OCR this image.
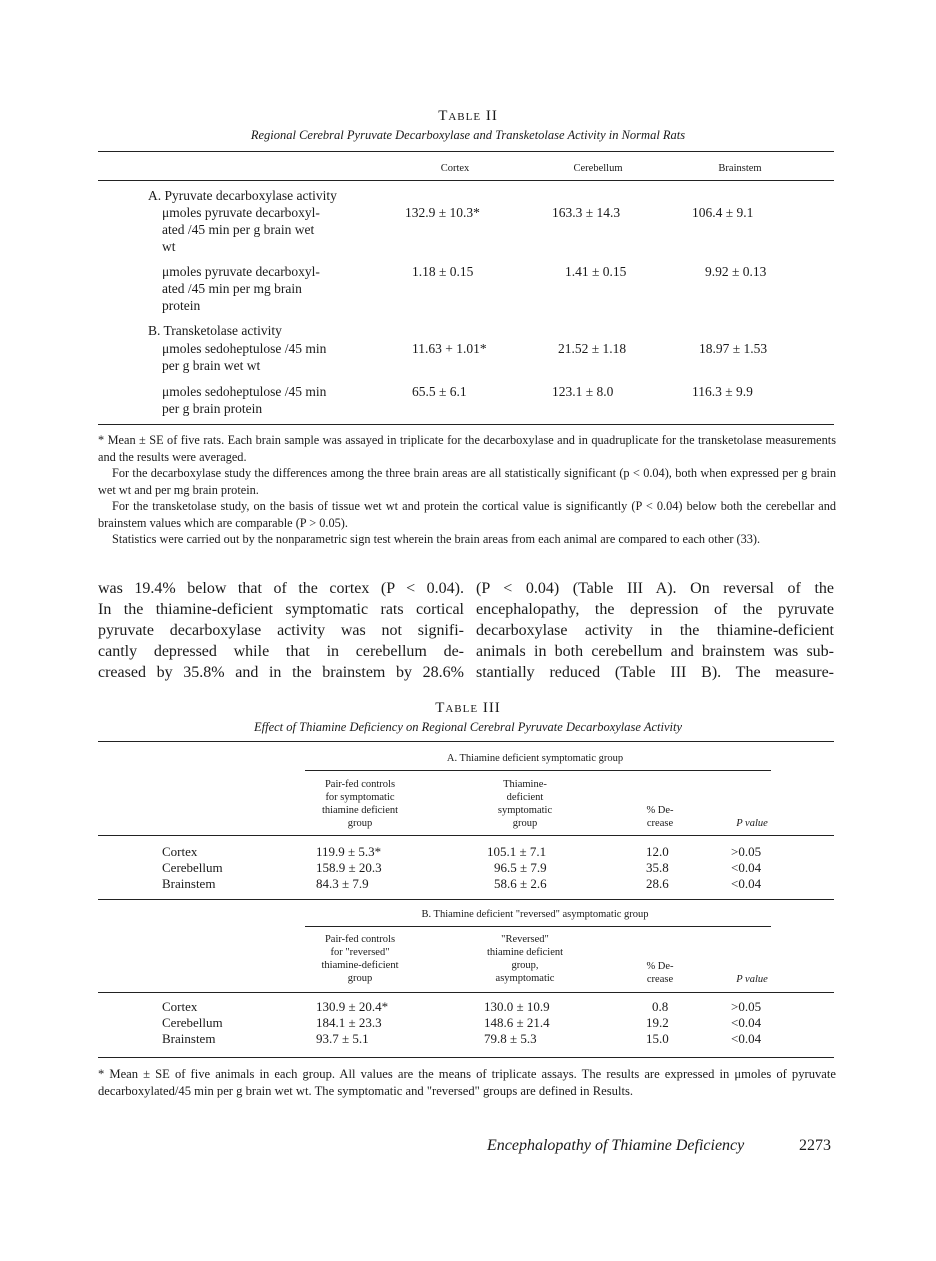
Table II
Regional Cerebral Pyruvate Decarboxylase and Transketolase Activity in Normal Rats
Cortex	Cerebellum	Brainstem
A. Pyruvate decarboxylase activity
μmoles pyruvate decarboxyl-
ated /45 min per g brain wet
wt
132.9 ± 10.3*	163.3 ± 14.3	106.4 ± 9.1
μmoles pyruvate decarboxyl-
ated /45 min per mg brain
protein
1.18 ± 0.15	1.41 ± 0.15	9.92 ± 0.13
B. Transketolase activity
μmoles sedoheptulose /45 min
per g brain wet wt
11.63 + 1.01*	21.52 ± 1.18	18.97 ± 1.53
μmoles sedoheptulose /45 min
per g brain protein
65.5 ± 6.1	123.1 ± 8.0	116.3 ± 9.9

* Mean ± SE of five rats. Each brain sample was assayed in triplicate for the decarboxylase and in quadruplicate for the transketolase measurements and the results were averaged.

For the decarboxylase study the differences among the three brain areas are all statistically significant (p < 0.04), both when expressed per g brain wet wt and per mg brain protein.

For the transketolase study, on the basis of tissue wet wt and protein the cortical value is significantly (P < 0.04) below both the cerebellar and brainstem values which are comparable (P > 0.05).

Statistics were carried out by the nonparametric sign test wherein the brain areas from each animal are compared to each other (33).

was 19.4% below that of the cortex (P < 0.04).

In the thiamine-deficient symptomatic rats cortical

pyruvate decarboxylase activity was not signifi-

cantly depressed while that in cerebellum de-

creased by 35.8% and in the brainstem by 28.6%

(P < 0.04) (Table III A). On reversal of the

encephalopathy, the depression of the pyruvate

decarboxylase activity in the thiamine-deficient

animals in both cerebellum and brainstem was sub-

stantially reduced (Table III B). The measure-

Table III
Effect of Thiamine Deficiency on Regional Cerebral Pyruvate Decarboxylase Activity
A. Thiamine deficient symptomatic group
Pair-fed controls
for symptomatic
thiamine deficient
group
Thiamine-
deficient
symptomatic
group
% De-
crease	P value
Cortex	119.9 ± 5.3*	105.1 ± 7.1	12.0	>0.05
Cerebellum	158.9 ± 20.3	96.5 ± 7.9	35.8	<0.04
Brainstem	84.3 ± 7.9	58.6 ± 2.6	28.6	<0.04
B. Thiamine deficient "reversed" asymptomatic group
Pair-fed controls
for "reversed"
thiamine-deficient
group
"Reversed"
thiamine deficient
group,
asymptomatic
% De-
crease	P value
Cortex	130.9 ± 20.4*	130.0 ± 10.9	0.8	>0.05
Cerebellum	184.1 ± 23.3	148.6 ± 21.4	19.2	<0.04
Brainstem	93.7 ± 5.1	79.8 ± 5.3	15.0	<0.04

* Mean ± SE of five animals in each group. All values are the means of triplicate assays. The results are expressed in μmoles of pyruvate decarboxylated/45 min per g brain wet wt. The symptomatic and "reversed" groups are defined in Results.

Encephalopathy of Thiamine Deficiency	2273
